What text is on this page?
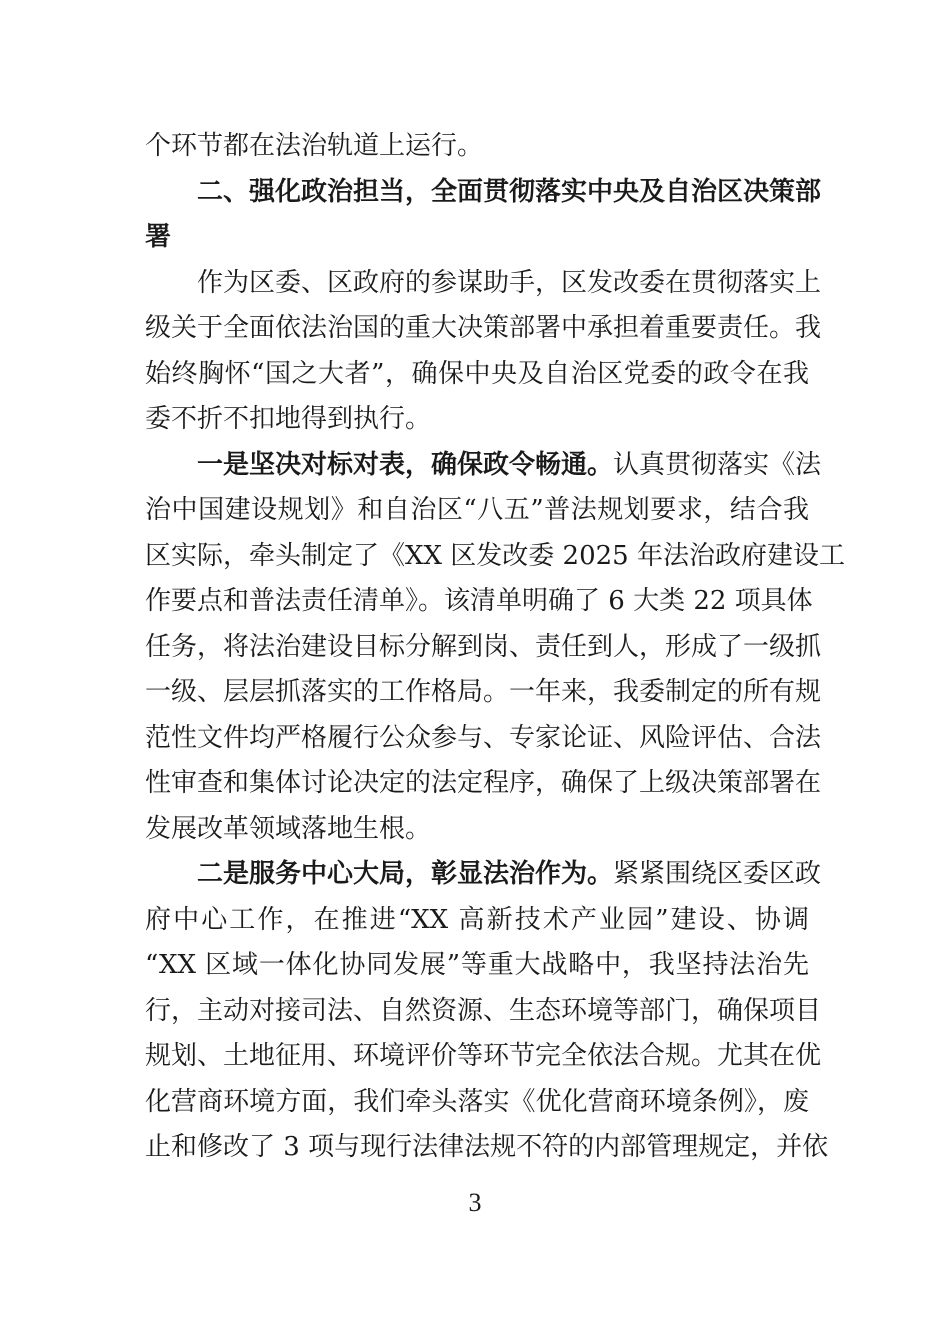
个环节都在法治轨道上运行。
二、强化政治担当，全面贯彻落实中央及自治区决策部
署
作为区委、区政府的参谋助手，区发改委在贯彻落实上
级关于全面依法治国的重大决策部署中承担着重要责任。我
始终胸怀“国之大者”，确保中央及自治区党委的政令在我
委不折不扣地得到执行。
一是坚决对标对表，确保政令畅通。认真贯彻落实《法
治中国建设规划》和自治区“八五”普法规划要求，结合我
区实际，牵头制定了《XX 区发改委 2025 年法治政府建设工
作要点和普法责任清单》。该清单明确了 6 大类 22 项具体
任务，将法治建设目标分解到岗、责任到人，形成了一级抓
一级、层层抓落实的工作格局。一年来，我委制定的所有规
范性文件均严格履行公众参与、专家论证、风险评估、合法
性审查和集体讨论决定的法定程序，确保了上级决策部署在
发展改革领域落地生根。
二是服务中心大局，彰显法治作为。紧紧围绕区委区政
府中心工作，在推进“XX 高新技术产业园”建设、协调
“XX 区域一体化协同发展”等重大战略中，我坚持法治先
行，主动对接司法、自然资源、生态环境等部门，确保项目
规划、土地征用、环境评价等环节完全依法合规。尤其在优
化营商环境方面，我们牵头落实《优化营商环境条例》，废
止和修改了 3 项与现行法律法规不符的内部管理规定，并依
3
